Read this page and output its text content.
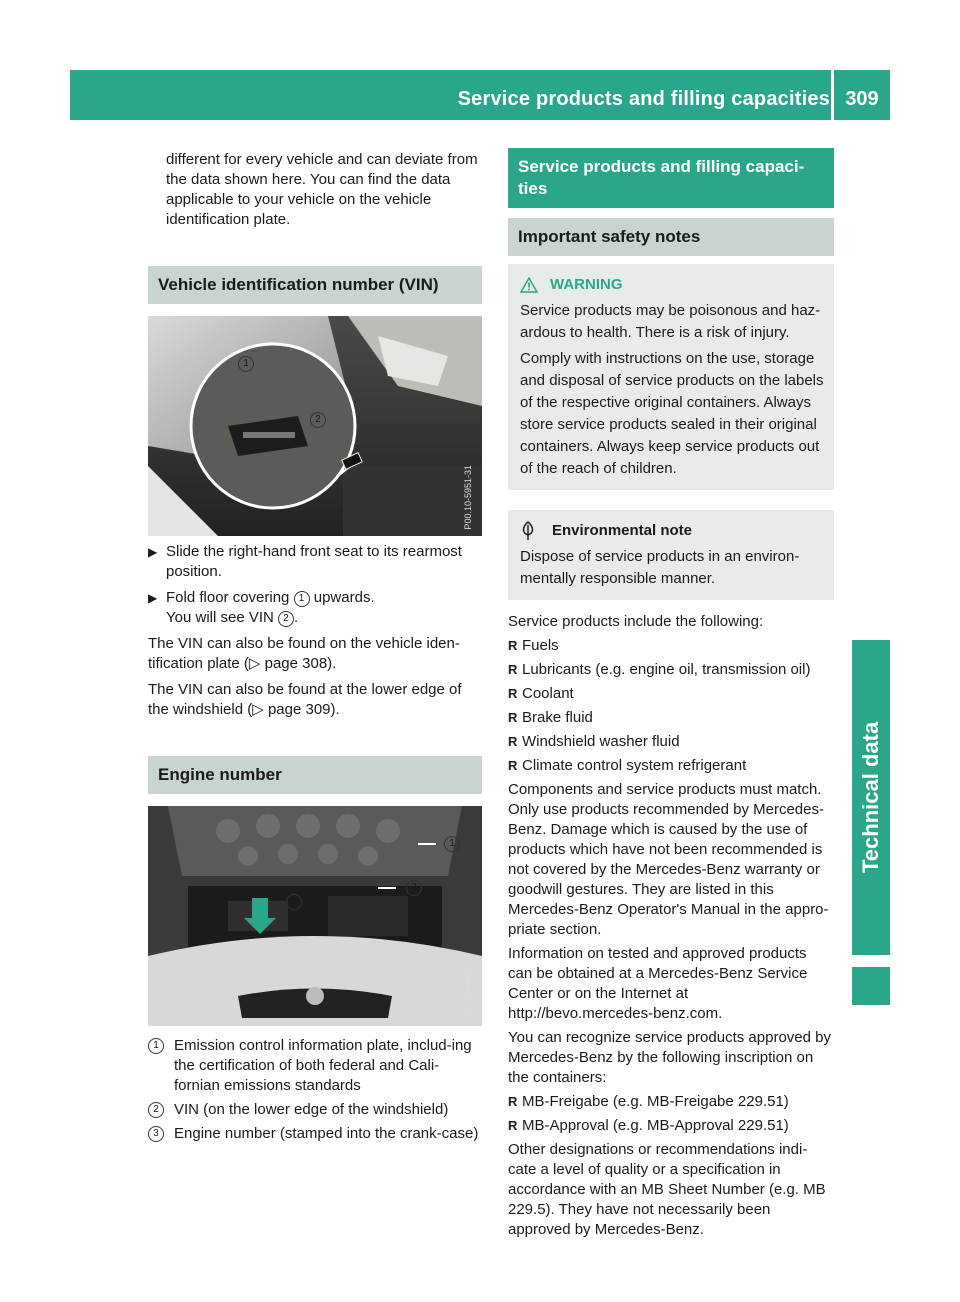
Service products and filling capacities 309
Technical data

different for every vehicle and can deviate from the data shown here. You can find the data applicable to your vehicle on the vehicle identification plate.

Vehicle identification number (VIN)
1
2
P00.10-5951-31
▶ Slide the right-hand front seat to its rearmost position.
▶ Fold floor covering 1 upwards.
You will see VIN 2 .

The VIN can also be found on the vehicle iden-tification plate (▷ page 308).

The VIN can also be found at the lower edge of the windshield (▷ page 309).

Engine number
1
2
3
P00.10-5952-31
1	Emission control information plate, includ-ing the certification of both federal and Cali-fornian emissions standards
2	VIN (on the lower edge of the windshield)
3	Engine number (stamped into the crank-case)
Service products and filling capaci-ties
Important safety notes
WARNING

Service products may be poisonous and haz-ardous to health. There is a risk of injury.

Comply with instructions on the use, storage and disposal of service products on the labels of the respective original containers. Always store service products sealed in their original containers. Always keep service products out of the reach of children.

Environmental note

Dispose of service products in an environ-mentally responsible manner.

Service products include the following:

R Fuels
R Lubricants (e.g. engine oil, transmission oil)
R Coolant
R Brake fluid
R Windshield washer fluid
R Climate control system refrigerant

Components and service products must match. Only use products recommended by Mercedes-Benz. Damage which is caused by the use of products which have not been recommended is not covered by the Mercedes-Benz warranty or goodwill gestures. They are listed in this Mercedes-Benz Operator's Manual in the appro-priate section.

Information on tested and approved products can be obtained at a Mercedes-Benz Service Center or on the Internet at http://bevo.mercedes-benz.com.

You can recognize service products approved by Mercedes-Benz by the following inscription on the containers:

R MB-Freigabe (e.g. MB-Freigabe 229.51)
R MB-Approval (e.g. MB-Approval 229.51)

Other designations or recommendations indi-cate a level of quality or a specification in accordance with an MB Sheet Number (e.g. MB 229.5). They have not necessarily been approved by Mercedes-Benz.
